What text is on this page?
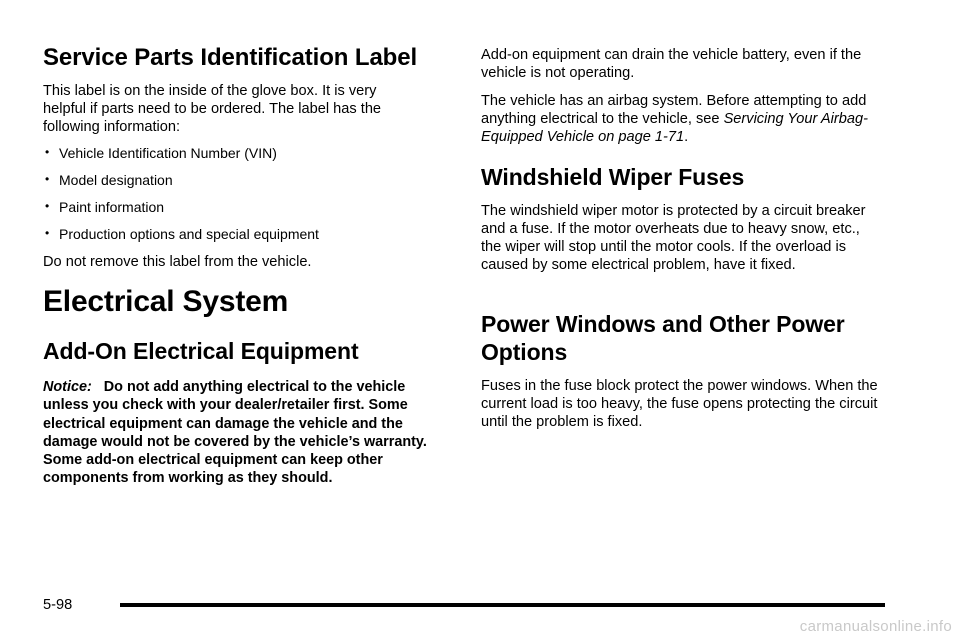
Service Parts Identification Label

This label is on the inside of the glove box. It is very helpful if parts need to be ordered. The label has the following information:

• Vehicle Identification Number (VIN)
• Model designation
• Paint information
• Production options and special equipment

Do not remove this label from the vehicle.

Electrical System
Add-On Electrical Equipment

Notice: Do not add anything electrical to the vehicle unless you check with your dealer/retailer first. Some electrical equipment can damage the vehicle and the damage would not be covered by the vehicle’s warranty. Some add-on electrical equipment can keep other components from working as they should.

Add-on equipment can drain the vehicle battery, even if the vehicle is not operating.

The vehicle has an airbag system. Before attempting to add anything electrical to the vehicle, see Servicing Your Airbag-Equipped Vehicle on page 1-71.

Windshield Wiper Fuses

The windshield wiper motor is protected by a circuit breaker and a fuse. If the motor overheats due to heavy snow, etc., the wiper will stop until the motor cools. If the overload is caused by some electrical problem, have it fixed.

Power Windows and Other Power
Options

Fuses in the fuse block protect the power windows. When the current load is too heavy, the fuse opens protecting the circuit until the problem is fixed.

5-98
carmanualsonline.info
